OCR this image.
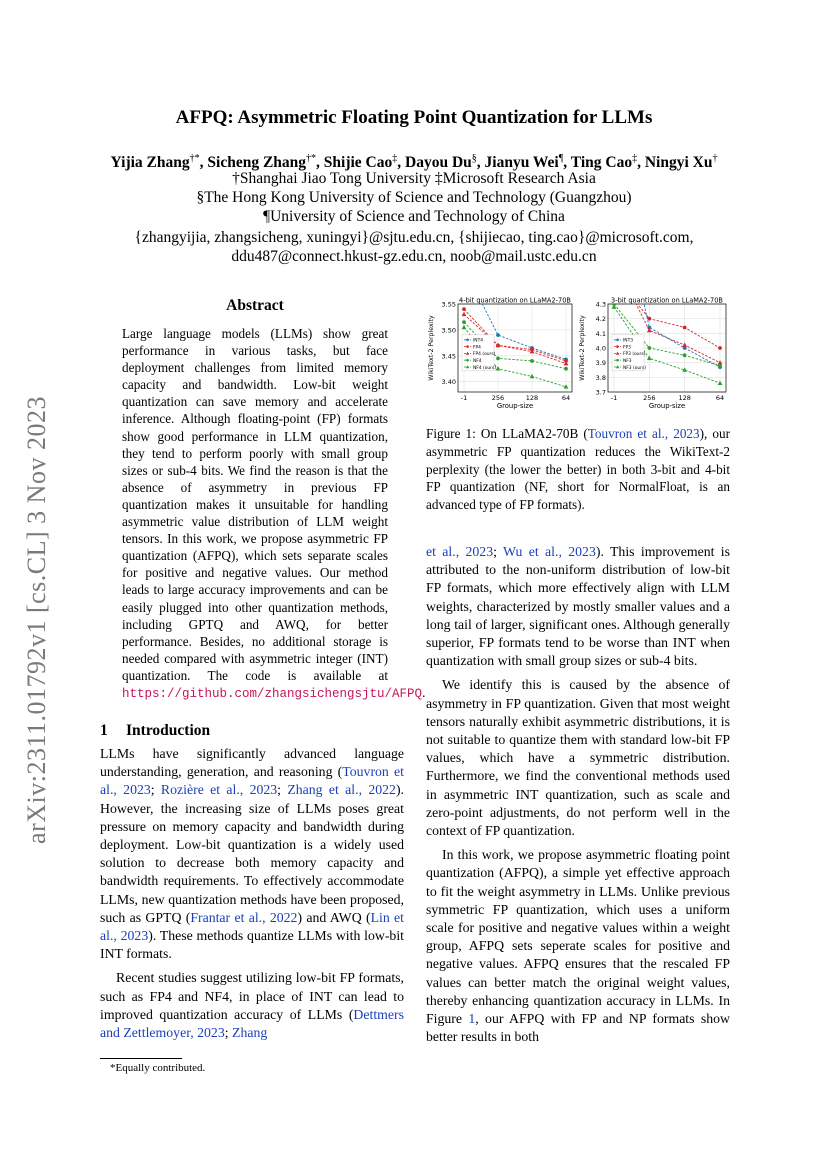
arXiv:2311.01792v1 [cs.CL] 3 Nov 2023
AFPQ: Asymmetric Floating Point Quantization for LLMs
Yijia Zhang†*, Sicheng Zhang†*, Shijie Cao‡, Dayou Du§, Jianyu Wei¶, Ting Cao‡, Ningyi Xu†
†Shanghai Jiao Tong University ‡Microsoft Research Asia
§The Hong Kong University of Science and Technology (Guangzhou)
¶University of Science and Technology of China
{zhangyijia, zhangsicheng, xuningyi}@sjtu.edu.cn, {shijiecao, ting.cao}@microsoft.com,
ddu487@connect.hkust-gz.edu.cn, noob@mail.ustc.edu.cn
Abstract
Large language models (LLMs) show great performance in various tasks, but face deployment challenges from limited memory capacity and bandwidth. Low-bit weight quantization can save memory and accelerate inference. Although floating-point (FP) formats show good performance in LLM quantization, they tend to perform poorly with small group sizes or sub-4 bits. We find the reason is that the absence of asymmetry in previous FP quantization makes it unsuitable for handling asymmetric value distribution of LLM weight tensors. In this work, we propose asymmetric FP quantization (AFPQ), which sets separate scales for positive and negative values. Our method leads to large accuracy improvements and can be easily plugged into other quantization methods, including GPTQ and AWQ, for better performance. Besides, no additional storage is needed compared with asymmetric integer (INT) quantization. The code is available at https://github.com/zhangsichengsjtu/AFPQ.
1 Introduction

LLMs have significantly advanced language understanding, generation, and reasoning (Touvron et al., 2023; Rozière et al., 2023; Zhang et al., 2022). However, the increasing size of LLMs poses great pressure on memory capacity and bandwidth during deployment. Low-bit quantization is a widely used solution to decrease both memory capacity and bandwidth requirements. To effectively accommodate LLMs, new quantization methods have been proposed, such as GPTQ (Frantar et al., 2022) and AWQ (Lin et al., 2023). These methods quantize LLMs with low-bit INT formats.

Recent studies suggest utilizing low-bit FP formats, such as FP4 and NF4, in place of INT can lead to improved quantization accuracy of LLMs (Dettmers and Zettlemoyer, 2023; Zhang

*Equally contributed.
3.55
3.50
3.45
3.40
-1	256	128	64
4-bit quantization on LLaMA2-70B
Group-size
WikiText-2 Perplexity	INT4
FP4
FP4 (ours)
NF4
NF4 (ours)
4.3
4.2
4.1
4.0
3.9
3.8
3.7
-1	256	128	64
3-bit quantization on LLaMA2-70B
Group-size
WikiText-2 Perplexity	INT3
FP3
FP3 (ours)
NF3
NF3 (ours)
Figure 1: On LLaMA2-70B (Touvron et al., 2023), our asymmetric FP quantization reduces the WikiText-2 perplexity (the lower the better) in both 3-bit and 4-bit FP quantization (NF, short for NormalFloat, is an advanced type of FP formats).

et al., 2023; Wu et al., 2023). This improvement is attributed to the non-uniform distribution of low-bit FP formats, which more effectively align with LLM weights, characterized by mostly smaller values and a long tail of larger, significant ones. Although generally superior, FP formats tend to be worse than INT when quantization with small group sizes or sub-4 bits.

We identify this is caused by the absence of asymmetry in FP quantization. Given that most weight tensors naturally exhibit asymmetric distributions, it is not suitable to quantize them with standard low-bit FP values, which have a symmetric distribution. Furthermore, we find the conventional methods used in asymmetric INT quantization, such as scale and zero-point adjustments, do not perform well in the context of FP quantization.

In this work, we propose asymmetric floating point quantization (AFPQ), a simple yet effective approach to fit the weight asymmetry in LLMs. Unlike previous symmetric FP quantization, which uses a uniform scale for positive and negative values within a weight group, AFPQ sets seperate scales for positive and negative values. AFPQ ensures that the rescaled FP values can better match the original weight values, thereby enhancing quantization accuracy in LLMs. In Figure 1, our AFPQ with FP and NP formats show better results in both
